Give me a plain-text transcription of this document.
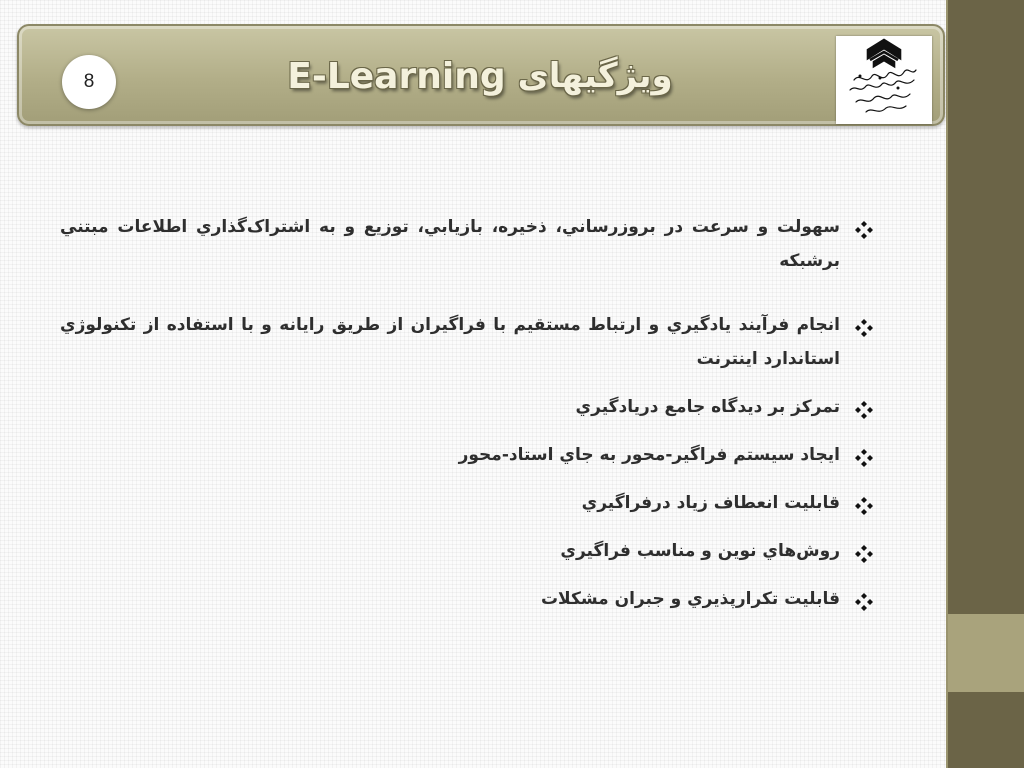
8	E-Learning ویژگیهای
سهولت و سرعت در بروزرساني، ذخيره، بازيابي، توزيع و به اشتراک‌گذاري اطلاعات مبتني برشبکه
انجام فرآيند يادگيري و ارتباط مستقيم با فراگيران از طريق رايانه و با استفاده از تکنولوژي استاندارد اينترنت
تمرکز بر ديدگاه جامع دريادگيري
ايجاد سيستم فراگير-محور به جاي استاد-محور
قابليت انعطاف زياد درفراگيري
روش‌هاي نوين و مناسب فراگيري
قابليت تکرارپذيري و جبران مشکلات
